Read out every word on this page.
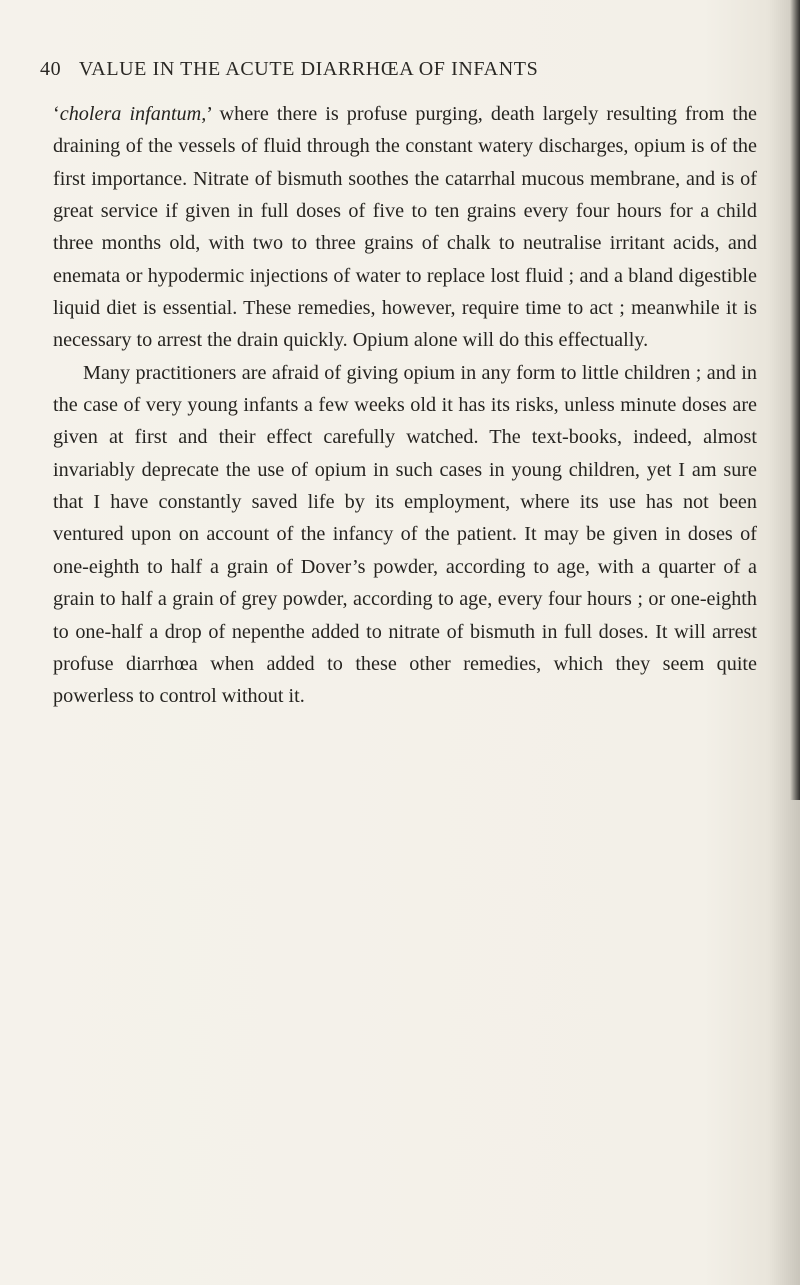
40 VALUE IN THE ACUTE DIARRHŒA OF INFANTS

‘cholera infantum,’ where there is profuse purging, death largely resulting from the draining of the vessels of fluid through the constant watery discharges, opium is of the first importance. Nitrate of bismuth soothes the catarrhal mucous membrane, and is of great service if given in full doses of five to ten grains every four hours for a child three months old, with two to three grains of chalk to neutralise irritant acids, and enemata or hypodermic injections of water to replace lost fluid ; and a bland digestible liquid diet is essential. These remedies, however, require time to act ; meanwhile it is necessary to arrest the drain quickly. Opium alone will do this effectually.

Many practitioners are afraid of giving opium in any form to little children ; and in the case of very young infants a few weeks old it has its risks, unless minute doses are given at first and their effect carefully watched. The text-books, indeed, almost invariably deprecate the use of opium in such cases in young children, yet I am sure that I have constantly saved life by its employment, where its use has not been ventured upon on account of the infancy of the patient. It may be given in doses of one-eighth to half a grain of Dover’s powder, according to age, with a quarter of a grain to half a grain of grey powder, according to age, every four hours ; or one-eighth to one-half a drop of nepenthe added to nitrate of bismuth in full doses. It will arrest profuse diarrhœa when added to these other remedies, which they seem quite powerless to control without it.
